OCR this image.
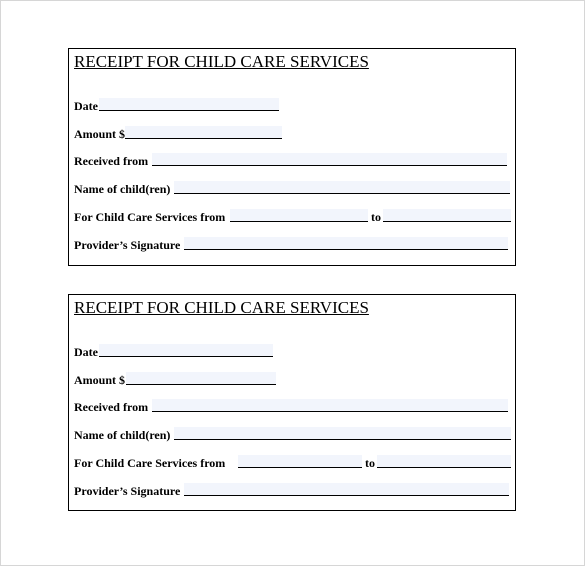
RECEIPT FOR CHILD CARE SERVICES
Date
Amount $
Received from
Name of child(ren)
For Child Care Services from	to
Provider’s Signature
RECEIPT FOR CHILD CARE SERVICES
Date
Amount $
Received from
Name of child(ren)
For Child Care Services from	to
Provider’s Signature
